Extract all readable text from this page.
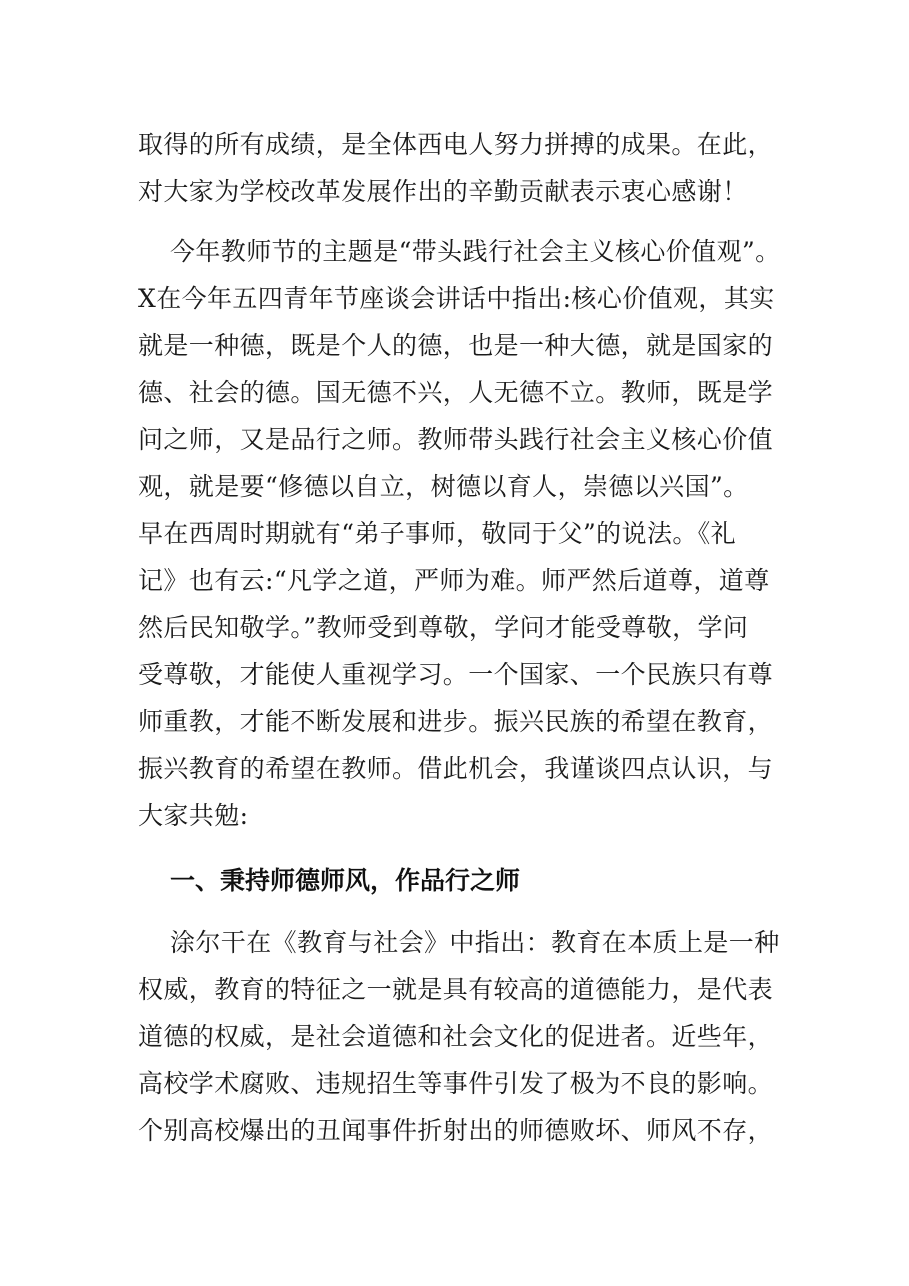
取得的所有成绩，是全体西电人努力拼搏的成果。在此，
对大家为学校改革发展作出的辛勤贡献表示衷心感谢！
今年教师节的主题是“带头践行社会主义核心价值观”。
X在今年五四青年节座谈会讲话中指出:核心价值观，其实
就是一种德，既是个人的德，也是一种大德，就是国家的
德、社会的德。国无德不兴，人无德不立。教师，既是学
问之师，又是品行之师。教师带头践行社会主义核心价值
观，就是要“修德以自立，树德以育人，崇德以兴国”。
早在西周时期就有“弟子事师，敬同于父”的说法。《礼
记》也有云:“凡学之道，严师为难。师严然后道尊，道尊
然后民知敬学。”教师受到尊敬，学问才能受尊敬，学问
受尊敬，才能使人重视学习。一个国家、一个民族只有尊
师重教，才能不断发展和进步。振兴民族的希望在教育，
振兴教育的希望在教师。借此机会，我谨谈四点认识，与
大家共勉:
一、秉持师德师风，作品行之师
涂尔干在《教育与社会》中指出：教育在本质上是一种
权威，教育的特征之一就是具有较高的道德能力，是代表
道德的权威，是社会道德和社会文化的促进者。近些年，
高校学术腐败、违规招生等事件引发了极为不良的影响。
个别高校爆出的丑闻事件折射出的师德败坏、师风不存，
